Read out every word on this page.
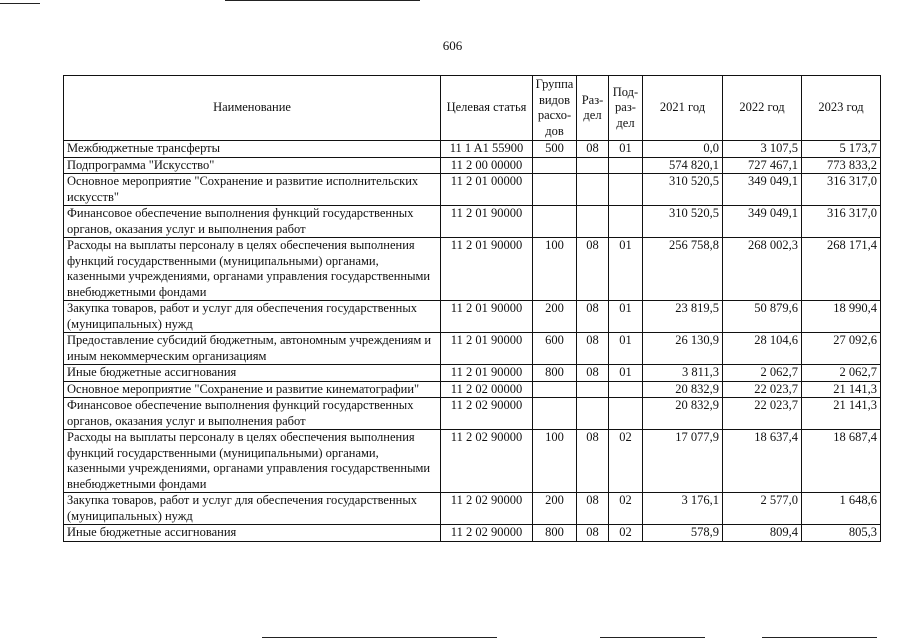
606
Наименование	Целевая статья	Группа видов расхо-дов	Раз-дел	Под-раз-дел	2021 год	2022 год	2023 год
Межбюджетные трансферты	11 1 A1 55900	500	08	01	0,0	3 107,5	5 173,7
Подпрограмма "Искусство"	11 2 00 00000				574 820,1	727 467,1	773 833,2
Основное мероприятие "Сохранение и развитие исполнительских искусств"	11 2 01 00000				310 520,5	349 049,1	316 317,0
Финансовое обеспечение выполнения функций государственных органов, оказания услуг и выполнения работ	11 2 01 90000				310 520,5	349 049,1	316 317,0
Расходы на выплаты персоналу в целях обеспечения выполнения функций государственными (муниципальными) органами, казенными учреждениями, органами управления государственными внебюджетными фондами	11 2 01 90000	100	08	01	256 758,8	268 002,3	268 171,4
Закупка товаров, работ и услуг для обеспечения государственных (муниципальных) нужд	11 2 01 90000	200	08	01	23 819,5	50 879,6	18 990,4
Предоставление субсидий бюджетным, автономным учреждениям и иным некоммерческим организациям	11 2 01 90000	600	08	01	26 130,9	28 104,6	27 092,6
Иные бюджетные ассигнования	11 2 01 90000	800	08	01	3 811,3	2 062,7	2 062,7
Основное мероприятие "Сохранение и развитие кинематографии"	11 2 02 00000				20 832,9	22 023,7	21 141,3
Финансовое обеспечение выполнения функций государственных органов, оказания услуг и выполнения работ	11 2 02 90000				20 832,9	22 023,7	21 141,3
Расходы на выплаты персоналу в целях обеспечения выполнения функций государственными (муниципальными) органами, казенными учреждениями, органами управления государственными внебюджетными фондами	11 2 02 90000	100	08	02	17 077,9	18 637,4	18 687,4
Закупка товаров, работ и услуг для обеспечения государственных (муниципальных) нужд	11 2 02 90000	200	08	02	3 176,1	2 577,0	1 648,6
Иные бюджетные ассигнования	11 2 02 90000	800	08	02	578,9	809,4	805,3
